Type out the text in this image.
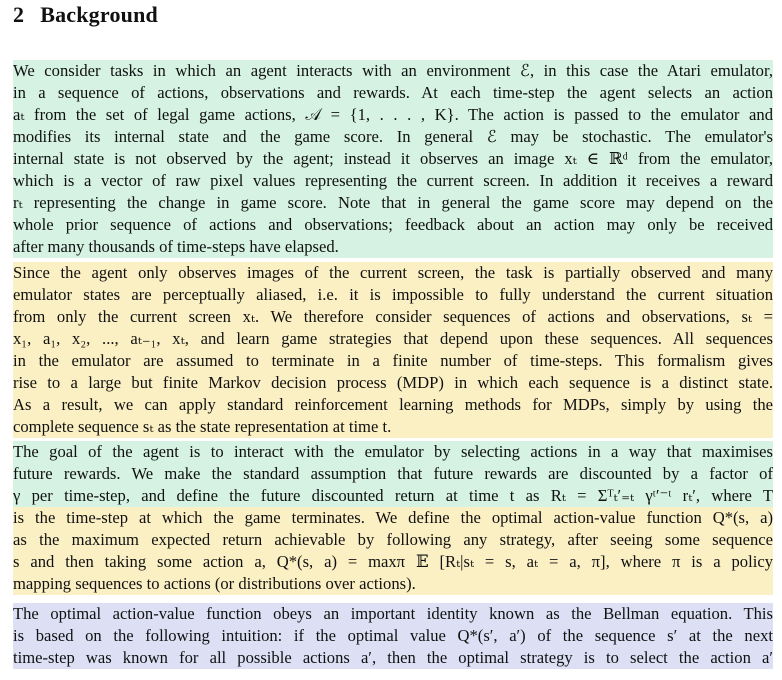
2 Background
We consider tasks in which an agent interacts with an environment ℰ, in this case the Atari emulator,
in a sequence of actions, observations and rewards. At each time-step the agent selects an action
aₜ from the set of legal game actions, 𝒜 = {1, . . . , K}. The action is passed to the emulator and
modifies its internal state and the game score. In general ℰ may be stochastic. The emulator's
internal state is not observed by the agent; instead it observes an image xₜ ∈ ℝᵈ from the emulator,
which is a vector of raw pixel values representing the current screen. In addition it receives a reward
rₜ representing the change in game score. Note that in general the game score may depend on the
whole prior sequence of actions and observations; feedback about an action may only be received
after many thousands of time-steps have elapsed.
Since the agent only observes images of the current screen, the task is partially observed and many
emulator states are perceptually aliased, i.e. it is impossible to fully understand the current situation
from only the current screen xₜ. We therefore consider sequences of actions and observations, sₜ =
x₁, a₁, x₂, ..., aₜ₋₁, xₜ, and learn game strategies that depend upon these sequences. All sequences
in the emulator are assumed to terminate in a finite number of time-steps. This formalism gives
rise to a large but finite Markov decision process (MDP) in which each sequence is a distinct state.
As a result, we can apply standard reinforcement learning methods for MDPs, simply by using the
complete sequence sₜ as the state representation at time t.
The goal of the agent is to interact with the emulator by selecting actions in a way that maximises
future rewards. We make the standard assumption that future rewards are discounted by a factor of
γ per time-step, and define the future discounted return at time t as Rₜ = Σᵀₜ′₌ₜ γᵗ′⁻ᵗ rₜ′, where T
is the time-step at which the game terminates. We define the optimal action-value function Q*(s, a)
as the maximum expected return achievable by following any strategy, after seeing some sequence
s and then taking some action a, Q*(s, a) = maxπ 𝔼 [Rₜ|sₜ = s, aₜ = a, π], where π is a policy
mapping sequences to actions (or distributions over actions).
The optimal action-value function obeys an important identity known as the Bellman equation. This
is based on the following intuition: if the optimal value Q*(s′, a′) of the sequence s′ at the next
time-step was known for all possible actions a′, then the optimal strategy is to select the action a′
